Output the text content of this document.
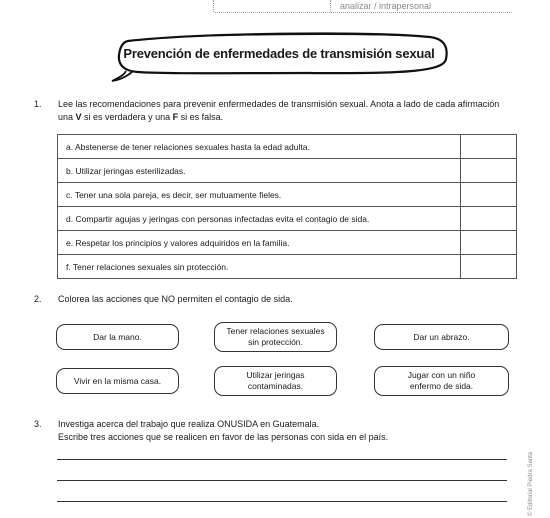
analizar / intrapersonal
Prevención de enfermedades de transmisión sexual
1. Lee las recomendaciones para prevenir enfermedades de transmisión sexual. Anota a lado de cada afirmación
una V si es verdadera y una F si es falsa.
a. Abstenerse de tener relaciones sexuales hasta la edad adulta.	
b. Utilizar jeringas esterilizadas.	
c. Tener una sola pareja, es decir, ser mutuamente fieles.	
d. Compartir agujas y jeringas con personas infectadas evita el contagio de sida.	
e. Respetar los principios y valores adquiridos en la familia.	
f. Tener relaciones sexuales sin protección.	
2. Colorea las acciones que NO permiten el contagio de sida.
Dar la mano.
Tener relaciones sexuales
sin protección.
Dar un abrazo.
Vivir en la misma casa.
Utilizar jeringas
contaminadas.
Jugar con un niño
enfermo de sida.
3. Investiga acerca del trabajo que realiza ONUSIDA en Guatemala.
Escribe tres acciones que se realicen en favor de las personas con sida en el país.
© Editorial Piedra Santa
